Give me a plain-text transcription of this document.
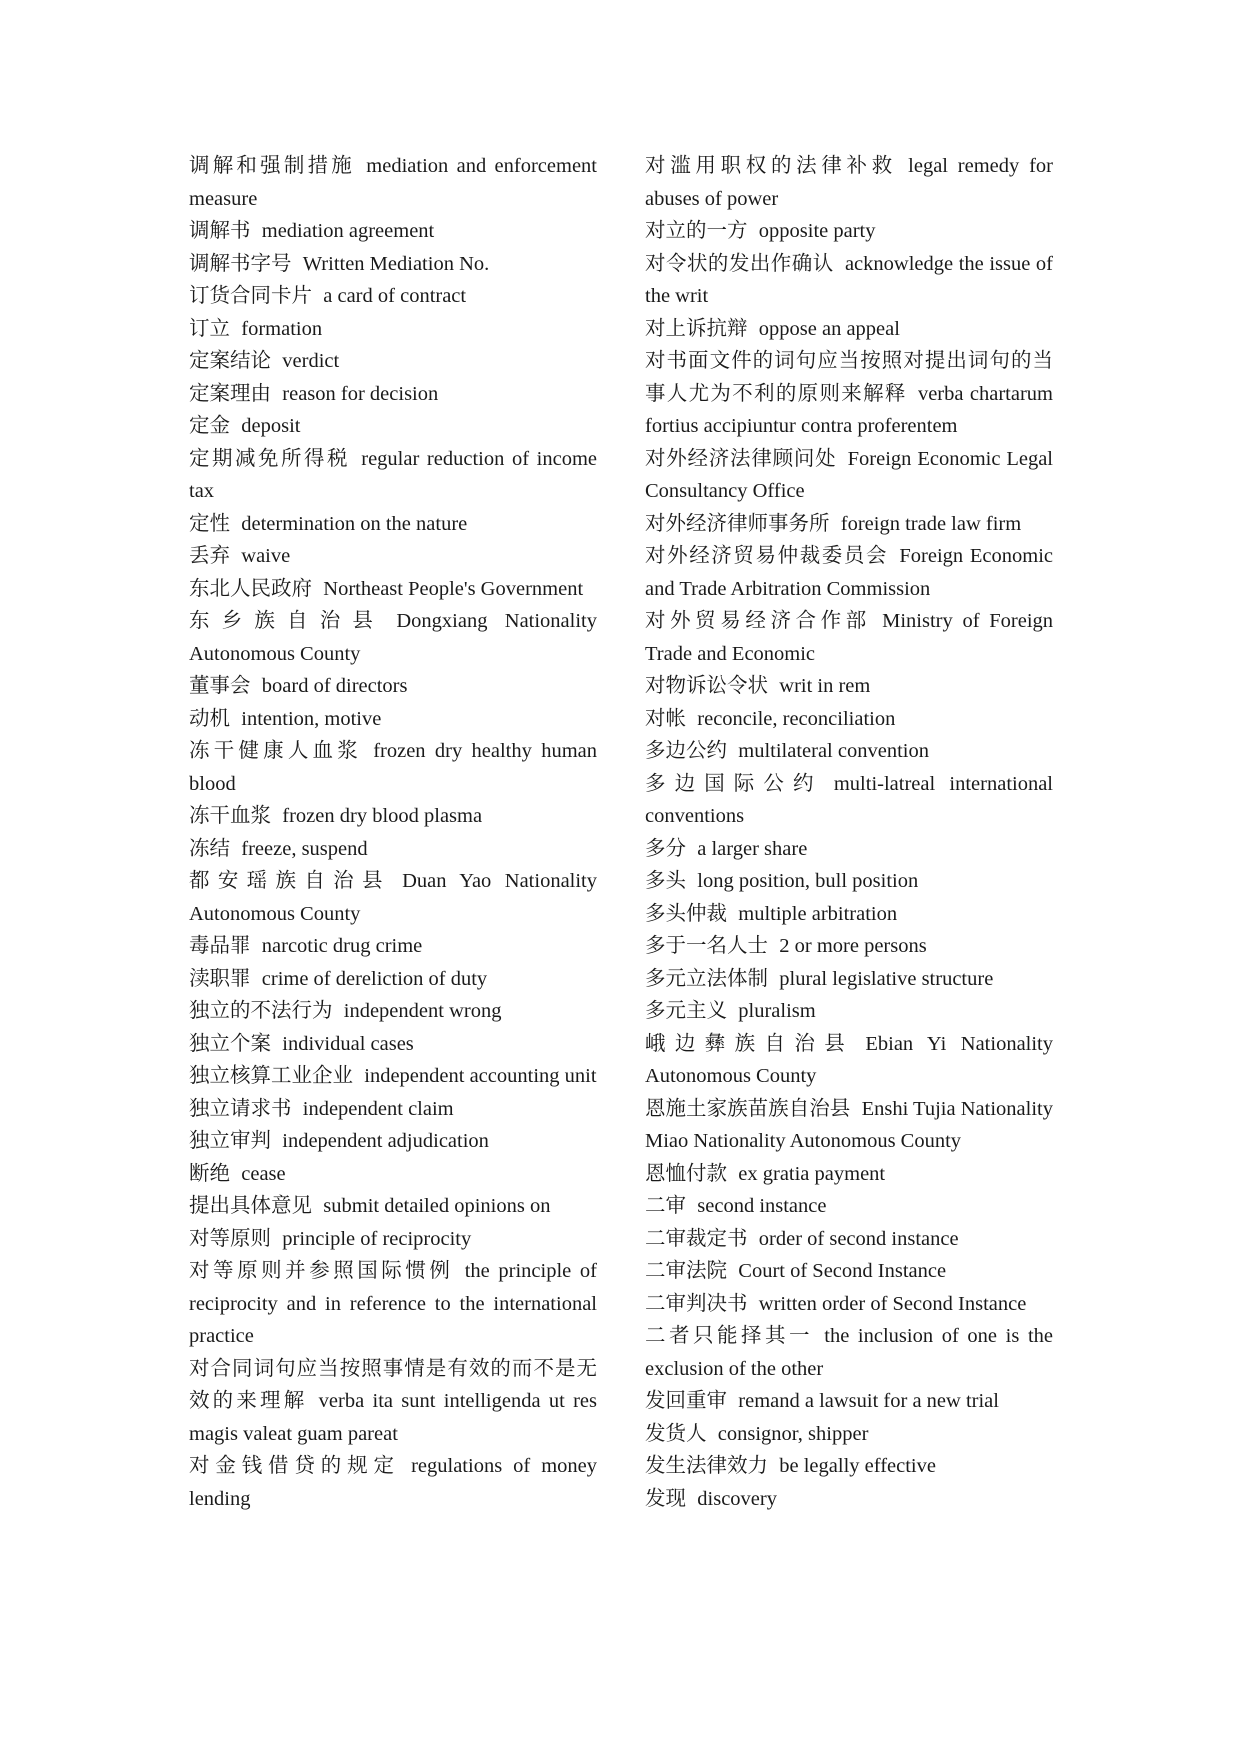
调解和强制措施 mediation and enforcement measure
调解书 mediation agreement
调解书字号 Written Mediation No.
订货合同卡片 a card of contract
订立 formation
定案结论 verdict
定案理由 reason for decision
定金 deposit
定期减免所得税 regular reduction of income tax
定性 determination on the nature
丢弃 waive
东北人民政府 Northeast People's Government
东乡族自治县 Dongxiang Nationality Autonomous County
董事会 board of directors
动机 intention, motive
冻干健康人血浆 frozen dry healthy human blood
冻干血浆 frozen dry blood plasma
冻结 freeze, suspend
都安瑶族自治县 Duan Yao Nationality Autonomous County
毒品罪 narcotic drug crime
渎职罪 crime of dereliction of duty
独立的不法行为 independent wrong
独立个案 individual cases
独立核算工业企业 independent accounting unit
独立请求书 independent claim
独立审判 independent adjudication
断绝 cease
提出具体意见 submit detailed opinions on
对等原则 principle of reciprocity
对等原则并参照国际惯例 the principle of reciprocity and in reference to the international practice
对合同词句应当按照事情是有效的而不是无效的来理解 verba ita sunt intelligenda ut res magis valeat guam pareat
对金钱借贷的规定 regulations of money lending
对滥用职权的法律补救 legal remedy for abuses of power
对立的一方 opposite party
对令状的发出作确认 acknowledge the issue of the writ
对上诉抗辩 oppose an appeal
对书面文件的词句应当按照对提出词句的当事人尤为不利的原则来解释 verba chartarum fortius accipiuntur contra proferentem
对外经济法律顾问处 Foreign Economic Legal Consultancy Office
对外经济律师事务所 foreign trade law firm
对外经济贸易仲裁委员会 Foreign Economic and Trade Arbitration Commission
对外贸易经济合作部 Ministry of Foreign Trade and Economic
对物诉讼令状 writ in rem
对帐 reconcile, reconciliation
多边公约 multilateral convention
多边国际公约 multi-latreal international conventions
多分 a larger share
多头 long position, bull position
多头仲裁 multiple arbitration
多于一名人士 2 or more persons
多元立法体制 plural legislative structure
多元主义 pluralism
峨边彝族自治县 Ebian Yi Nationality Autonomous County
恩施土家族苗族自治县 Enshi Tujia Nationality Miao Nationality Autonomous County
恩恤付款 ex gratia payment
二审 second instance
二审裁定书 order of second instance
二审法院 Court of Second Instance
二审判决书 written order of Second Instance
二者只能择其一 the inclusion of one is the exclusion of the other
发回重审 remand a lawsuit for a new trial
发货人 consignor, shipper
发生法律效力 be legally effective
发现 discovery
